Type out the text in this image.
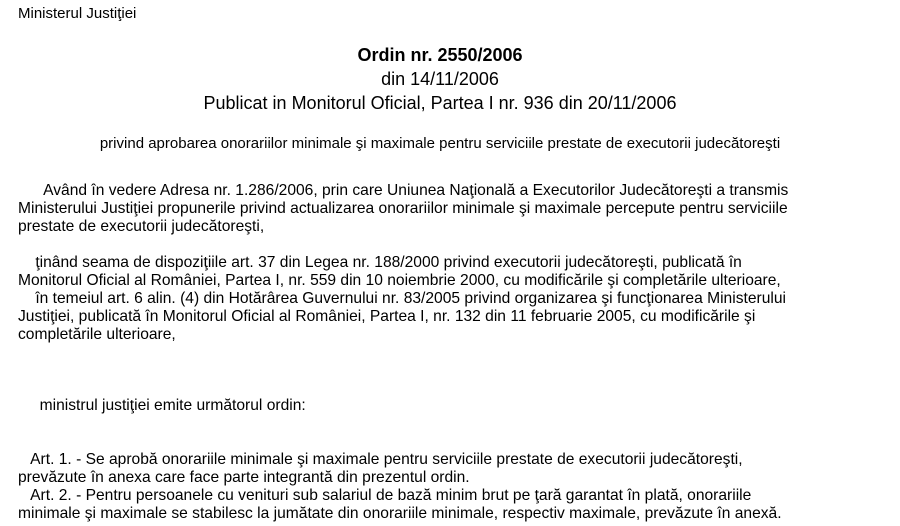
Ministerul Justiţiei
Ordin nr. 2550/2006
din 14/11/2006
Publicat in Monitorul Oficial, Partea I nr. 936 din 20/11/2006
privind aprobarea onorariilor minimale şi maximale pentru serviciile prestate de executorii judecătoreşti

Având în vedere Adresa nr. 1.286/2006, prin care Uniunea Naţională a Executorilor Judecătoreşti a transmis
Ministerului Justiţiei propunerile privind actualizarea onorariilor minimale şi maximale percepute pentru serviciile
prestate de executorii judecătoreşti,

ţinând seama de dispoziţiile art. 37 din Legea nr. 188/2000 privind executorii judecătoreşti, publicată în
Monitorul Oficial al României, Partea I, nr. 559 din 10 noiembrie 2000, cu modificările şi completările ulterioare,

în temeiul art. 6 alin. (4) din Hotărârea Guvernului nr. 83/2005 privind organizarea şi funcţionarea Ministerului
Justiţiei, publicată în Monitorul Oficial al României, Partea I, nr. 132 din 11 februarie 2005, cu modificările şi
completările ulterioare,

ministrul justiţiei emite următorul ordin:

Art. 1. - Se aprobă onorariile minimale şi maximale pentru serviciile prestate de executorii judecătoreşti,
prevăzute în anexa care face parte integrantă din prezentul ordin.

Art. 2. - Pentru persoanele cu venituri sub salariul de bază minim brut pe ţară garantat în plată, onorariile
minimale şi maximale se stabilesc la jumătate din onorariile minimale, respectiv maximale, prevăzute în anexă.
